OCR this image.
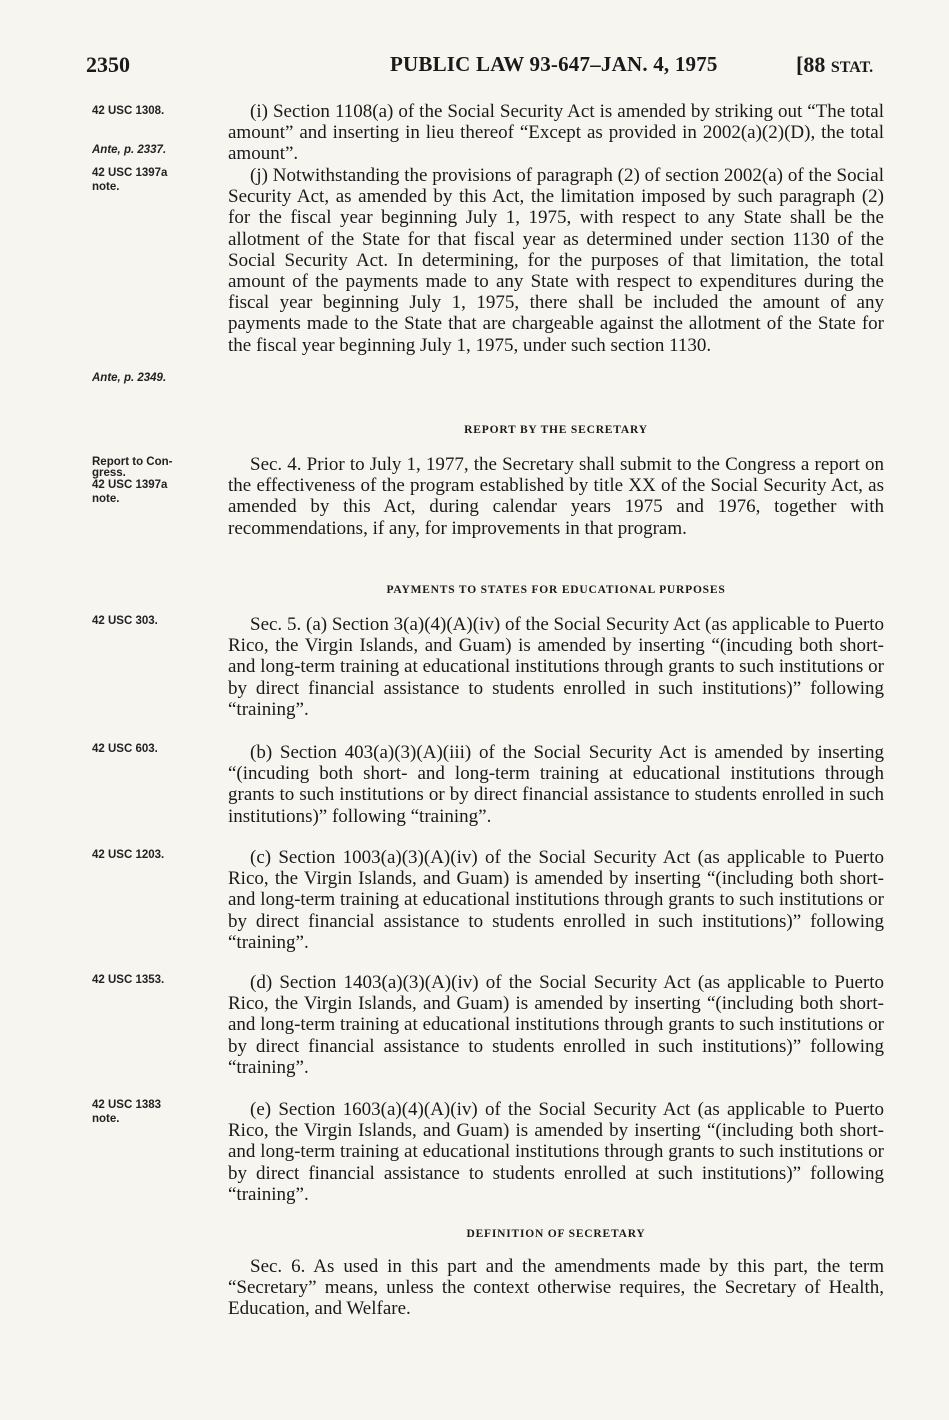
2350	PUBLIC LAW 93-647–JAN. 4, 1975	[88 STAT.
42 USC 1308.
Ante, p. 2337.
42 USC 1397a
note.
Ante, p. 2349.
Report to Con-
gress.
42 USC 1397a
note.
42 USC 303.
42 USC 603.
42 USC 1203.
42 USC 1353.
42 USC 1383
note.

(i) Section 1108(a) of the Social Security Act is amended by striking out “The total amount” and inserting in lieu thereof “Except as provided in 2002(a)(2)(D), the total amount”.

(j) Notwithstanding the provisions of paragraph (2) of section 2002(a) of the Social Security Act, as amended by this Act, the limitation imposed by such paragraph (2) for the fiscal year beginning July 1, 1975, with respect to any State shall be the allotment of the State for that fiscal year as determined under section 1130 of the Social Security Act. In determining, for the purposes of that limitation, the total amount of the payments made to any State with respect to expenditures during the fiscal year beginning July 1, 1975, there shall be included the amount of any payments made to the State that are chargeable against the allotment of the State for the fiscal year beginning July 1, 1975, under such section 1130.

REPORT BY THE SECRETARY

Sec. 4. Prior to July 1, 1977, the Secretary shall submit to the Congress a report on the effectiveness of the program established by title XX of the Social Security Act, as amended by this Act, during calendar years 1975 and 1976, together with recommendations, if any, for improvements in that program.

PAYMENTS TO STATES FOR EDUCATIONAL PURPOSES

Sec. 5. (a) Section 3(a)(4)(A)(iv) of the Social Security Act (as applicable to Puerto Rico, the Virgin Islands, and Guam) is amended by inserting “(incuding both short- and long-term training at educational institutions through grants to such institutions or by direct financial assistance to students enrolled in such institutions)” following “training”.

(b) Section 403(a)(3)(A)(iii) of the Social Security Act is amended by inserting “(incuding both short- and long-term training at educational institutions through grants to such institutions or by direct financial assistance to students enrolled in such institutions)” following “training”.

(c) Section 1003(a)(3)(A)(iv) of the Social Security Act (as applicable to Puerto Rico, the Virgin Islands, and Guam) is amended by inserting “(including both short- and long-term training at educational institutions through grants to such institutions or by direct financial assistance to students enrolled in such institutions)” following “training”.

(d) Section 1403(a)(3)(A)(iv) of the Social Security Act (as applicable to Puerto Rico, the Virgin Islands, and Guam) is amended by inserting “(including both short- and long-term training at educational institutions through grants to such institutions or by direct financial assistance to students enrolled in such institutions)” following “training”.

(e) Section 1603(a)(4)(A)(iv) of the Social Security Act (as applicable to Puerto Rico, the Virgin Islands, and Guam) is amended by inserting “(including both short- and long-term training at educational institutions through grants to such institutions or by direct financial assistance to students enrolled at such institutions)” following “training”.

DEFINITION OF SECRETARY

Sec. 6. As used in this part and the amendments made by this part, the term “Secretary” means, unless the context otherwise requires, the Secretary of Health, Education, and Welfare.
